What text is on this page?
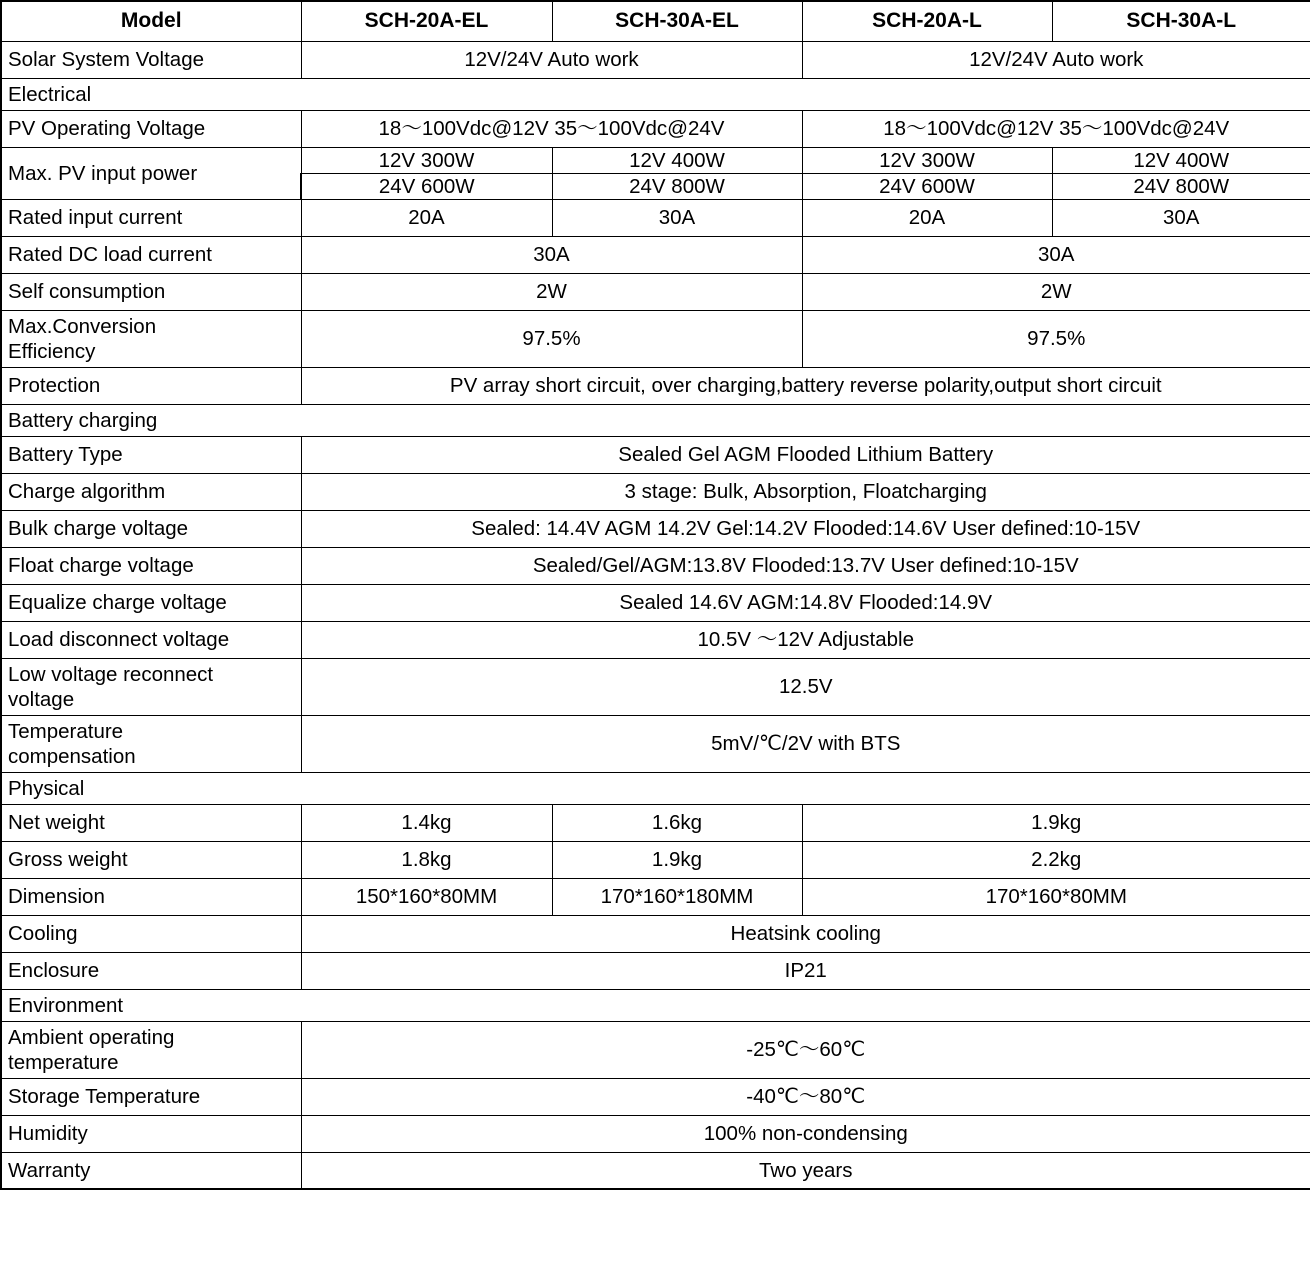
Model	SCH-20A-EL	SCH-30A-EL	SCH-20A-L	SCH-30A-L
Solar System Voltage	12V/24V Auto work		12V/24V Auto work	
Electrical				
PV Operating Voltage	18～100Vdc@12V 35～100Vdc@24V		18～100Vdc@12V 35～100Vdc@24V	
Max. PV input power	12V 300W	12V 400W	12V 300W	12V 400W
	24V 600W	24V 800W	24V 600W	24V 800W
Rated input current	20A	30A	20A	30A
Rated DC load current	30A		30A	
Self consumption	2W		2W	
Max.Conversion
Efficiency	97.5%		97.5%	
Protection	PV array short circuit, over charging,battery reverse polarity,output short circuit			
Battery charging				
Battery Type	Sealed Gel AGM Flooded Lithium Battery			
Charge algorithm	3 stage: Bulk, Absorption, Floatcharging			
Bulk charge voltage	Sealed: 14.4V AGM 14.2V Gel:14.2V Flooded:14.6V User defined:10-15V			
Float charge voltage	Sealed/Gel/AGM:13.8V Flooded:13.7V User defined:10-15V			
Equalize charge voltage	Sealed 14.6V AGM:14.8V Flooded:14.9V			
Load disconnect voltage	10.5V ～12V Adjustable			
Low voltage reconnect
voltage	12.5V			
Temperature
compensation	5mV/℃/2V with BTS			
Physical				
Net weight	1.4kg	1.6kg	1.9kg	
Gross weight	1.8kg	1.9kg	2.2kg	
Dimension	150*160*80MM	170*160*180MM	170*160*80MM	
Cooling	Heatsink cooling			
Enclosure	IP21			
Environment				
Ambient operating
temperature	-25℃～60℃			
Storage Temperature	-40℃～80℃			
Humidity	100% non-condensing			
Warranty	Two years			
